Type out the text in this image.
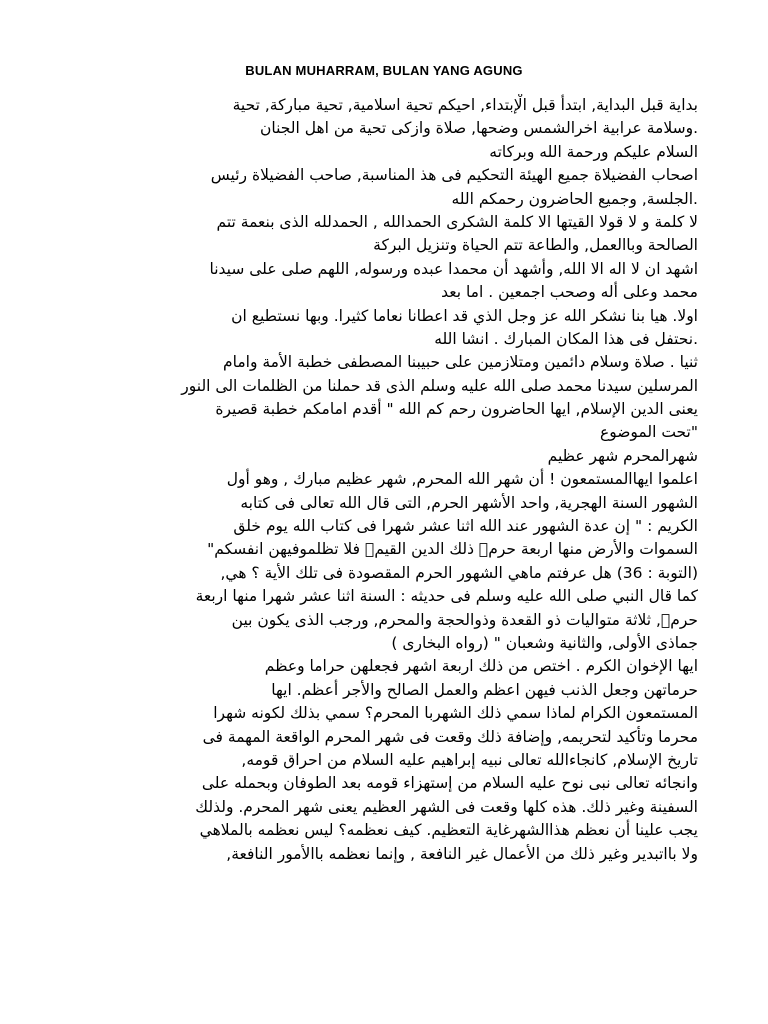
BULAN MUHARRAM, BULAN YANG AGUNG
بداية قبل البداية, ابتدأ قبل الْإبتداء, احيكم تحية اسلامية, تحية مباركة, تحية
.وسلامة عرابية اخرالشمس وضحها, صلاة وازكى تحية من اهل الجنان
السلام عليكم ورحمة الله وبركاته
اصحاب الفضيلاة جميع الهيئة التحكيم فى هذ المناسبة, صاحب الفضيلاة رئيس
.الجلسة, وجميع الحاضرون رحمكم الله
لا كلمة و لا قولا القيتها الا كلمة الشكرى الحمدالله , الحمدلله الذى بنعمة تتم
الصالحة وباالعمل, والطاعة تتم الحياة وتنزيل البركة
اشهد ان لا اله الا الله, وأشهد أن محمدا عبده ورسوله, اللهم صلى على سيدنا
محمد وعلى أله وصحب اجمعين . اما بعد
اولا. هيا بنا نشكر الله عز وجل الذي قد اعطانا نعاما كثيرا. وبها نستطيع ان
.نحتفل فى هذا المكان المبارك . انشا الله
ثنيا . صلاة وسلام دائمين ومتلازمين على حبيبنا المصطفى خطبة الأمة وامام
المرسلين سيدنا محمد صلى الله عليه وسلم الذى قد حملنا من الظلمات الى النور
يعنى الدين الإسلام, ايها الحاضرون رحم كم الله " أقدم امامكم خطبة قصيرة
"تحت الموضوع
شهرالمحرم شهر عظيم
اعلموا ايهاالمستمعون ! أن شهر الله المحرم, شهر عظيم مبارك , وهو أول
الشهور السنة الهجرية, واحد الأشهر الحرم, التى قال الله تعالى فى كتابه
الكريم : " إن عدة الشهور عند الله اثنا عشر شهرا فى كتاب الله يوم خلق
السموات والأرض منها اربعة حرمۗ ذلك الدين القيمۚ فلا تظلموفيهن انفسكم"
(التوبة : 36) هل عرفتم ماهي الشهور الحرم المقصودة فى تلك الأية ؟ هي,
كما قال النبي صلى الله عليه وسلم فى حديثه : السنة اثنا عشر شهرا منها اربعة
حرمۗ, ثلاثة متواليات ذو القعدة وذوالحجة والمحرم, ورجب الذى يكون بين
جماذى الأولى, والثانية وشعبان " (رواه البخارى )
ايها الإخوان الكرم . اختص من ذلك اربعة اشهر فجعلهن حراما وعظم
حرماتهن وجعل الذنب فيهن اعظم والعمل الصالح والأجر أعظم. ايها
المستمعون الكرام لماذا سمي ذلك الشهربا المحرم؟ سمي بذلك لكونه شهرا
محرما وتأكيد لتحريمه, وإضافة ذلك وقعت فى شهر المحرم الواقعة المهمة فى
تاريخ الإسلام, كانجاءالله تعالى نبيه إبراهيم عليه السلام من احراق قومه,
وانجائه تعالى نبى نوح عليه السلام من إستهزاء قومه بعد الطوفان وبحمله على
السفينة وغير ذلك. هذه كلها وقعت فى الشهر العظيم يعنى شهر المحرم. ولذلك
يجب علينا أن نعظم هذاالشهرغاية التعظيم. كيف نعظمه؟ ليس نعظمه بالملاهي
ولا بااتبدير وغير ذلك من الأعمال غير النافعة , وإنما نعظمه باالأمور النافعة,
